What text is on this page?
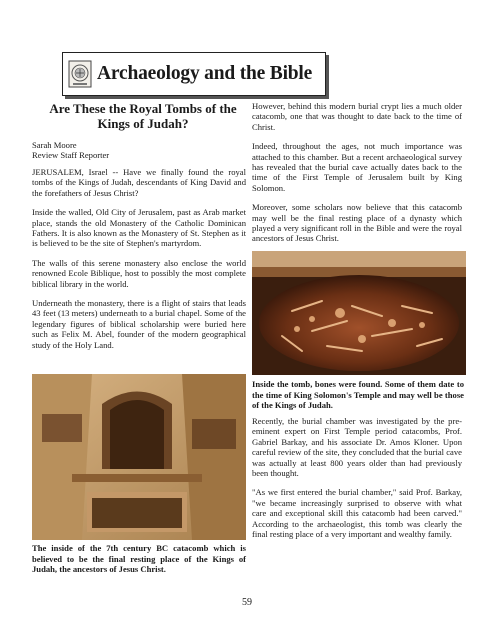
Archaeology and the Bible
Are These the Royal Tombs of the Kings of Judah?
Sarah Moore
Review Staff Reporter

JERUSALEM, Israel -- Have we finally found the royal tombs of the Kings of Judah, descendants of King David and the forefathers of Jesus Christ?

Inside the walled, Old City of Jerusalem, past as Arab market place, stands the old Monastery of the Catholic Dominican Fathers. It is also known as the Monastery of St. Stephen as it is believed to be the site of Stephen's martyrdom.

The walls of this serene monastery also enclose the world renowned Ecole Biblique, host to possibly the most complete biblical library in the world.

Underneath the monastery, there is a flight of stairs that leads 43 feet (13 meters) underneath to a burial chapel. Some of the legendary figures of biblical scholarship were buried here such as Felix M. Abel, founder of the modern geographical study of the Holy Land.

However, behind this modern burial crypt lies a much older catacomb, one that was thought to date back to the time of Christ.

Indeed, throughout the ages, not much importance was attached to this chamber. But a recent archaeological survey has revealed that the burial cave actually dates back to the time of the First Temple of Jerusalem built by King Solomon.

Moreover, some scholars now believe that this catacomb may well be the final resting place of a dynasty which played a very significant roll in the Bible and were the royal ancestors of Jesus Christ.

Inside the tomb, bones were found. Some of them date to the time of King Solomon's Temple and may well be those of the Kings of Judah.

Recently, the burial chamber was investigated by the pre-eminent expert on First Temple period catacombs, Prof. Gabriel Barkay, and his associate Dr. Amos Kloner. Upon careful review of the site, they concluded that the burial cave was actually at least 800 years older than had previously been thought.

"As we first entered the burial chamber," said Prof. Barkay, "we became increasingly surprised to observe with what care and exceptional skill this catacomb had been carved." According to the archaeologist, this tomb was clearly the final resting place of a very important and wealthy family.

The inside of the 7th century BC catacomb which is believed to be the final resting place of the Kings of Judah, the ancestors of Jesus Christ.
59
